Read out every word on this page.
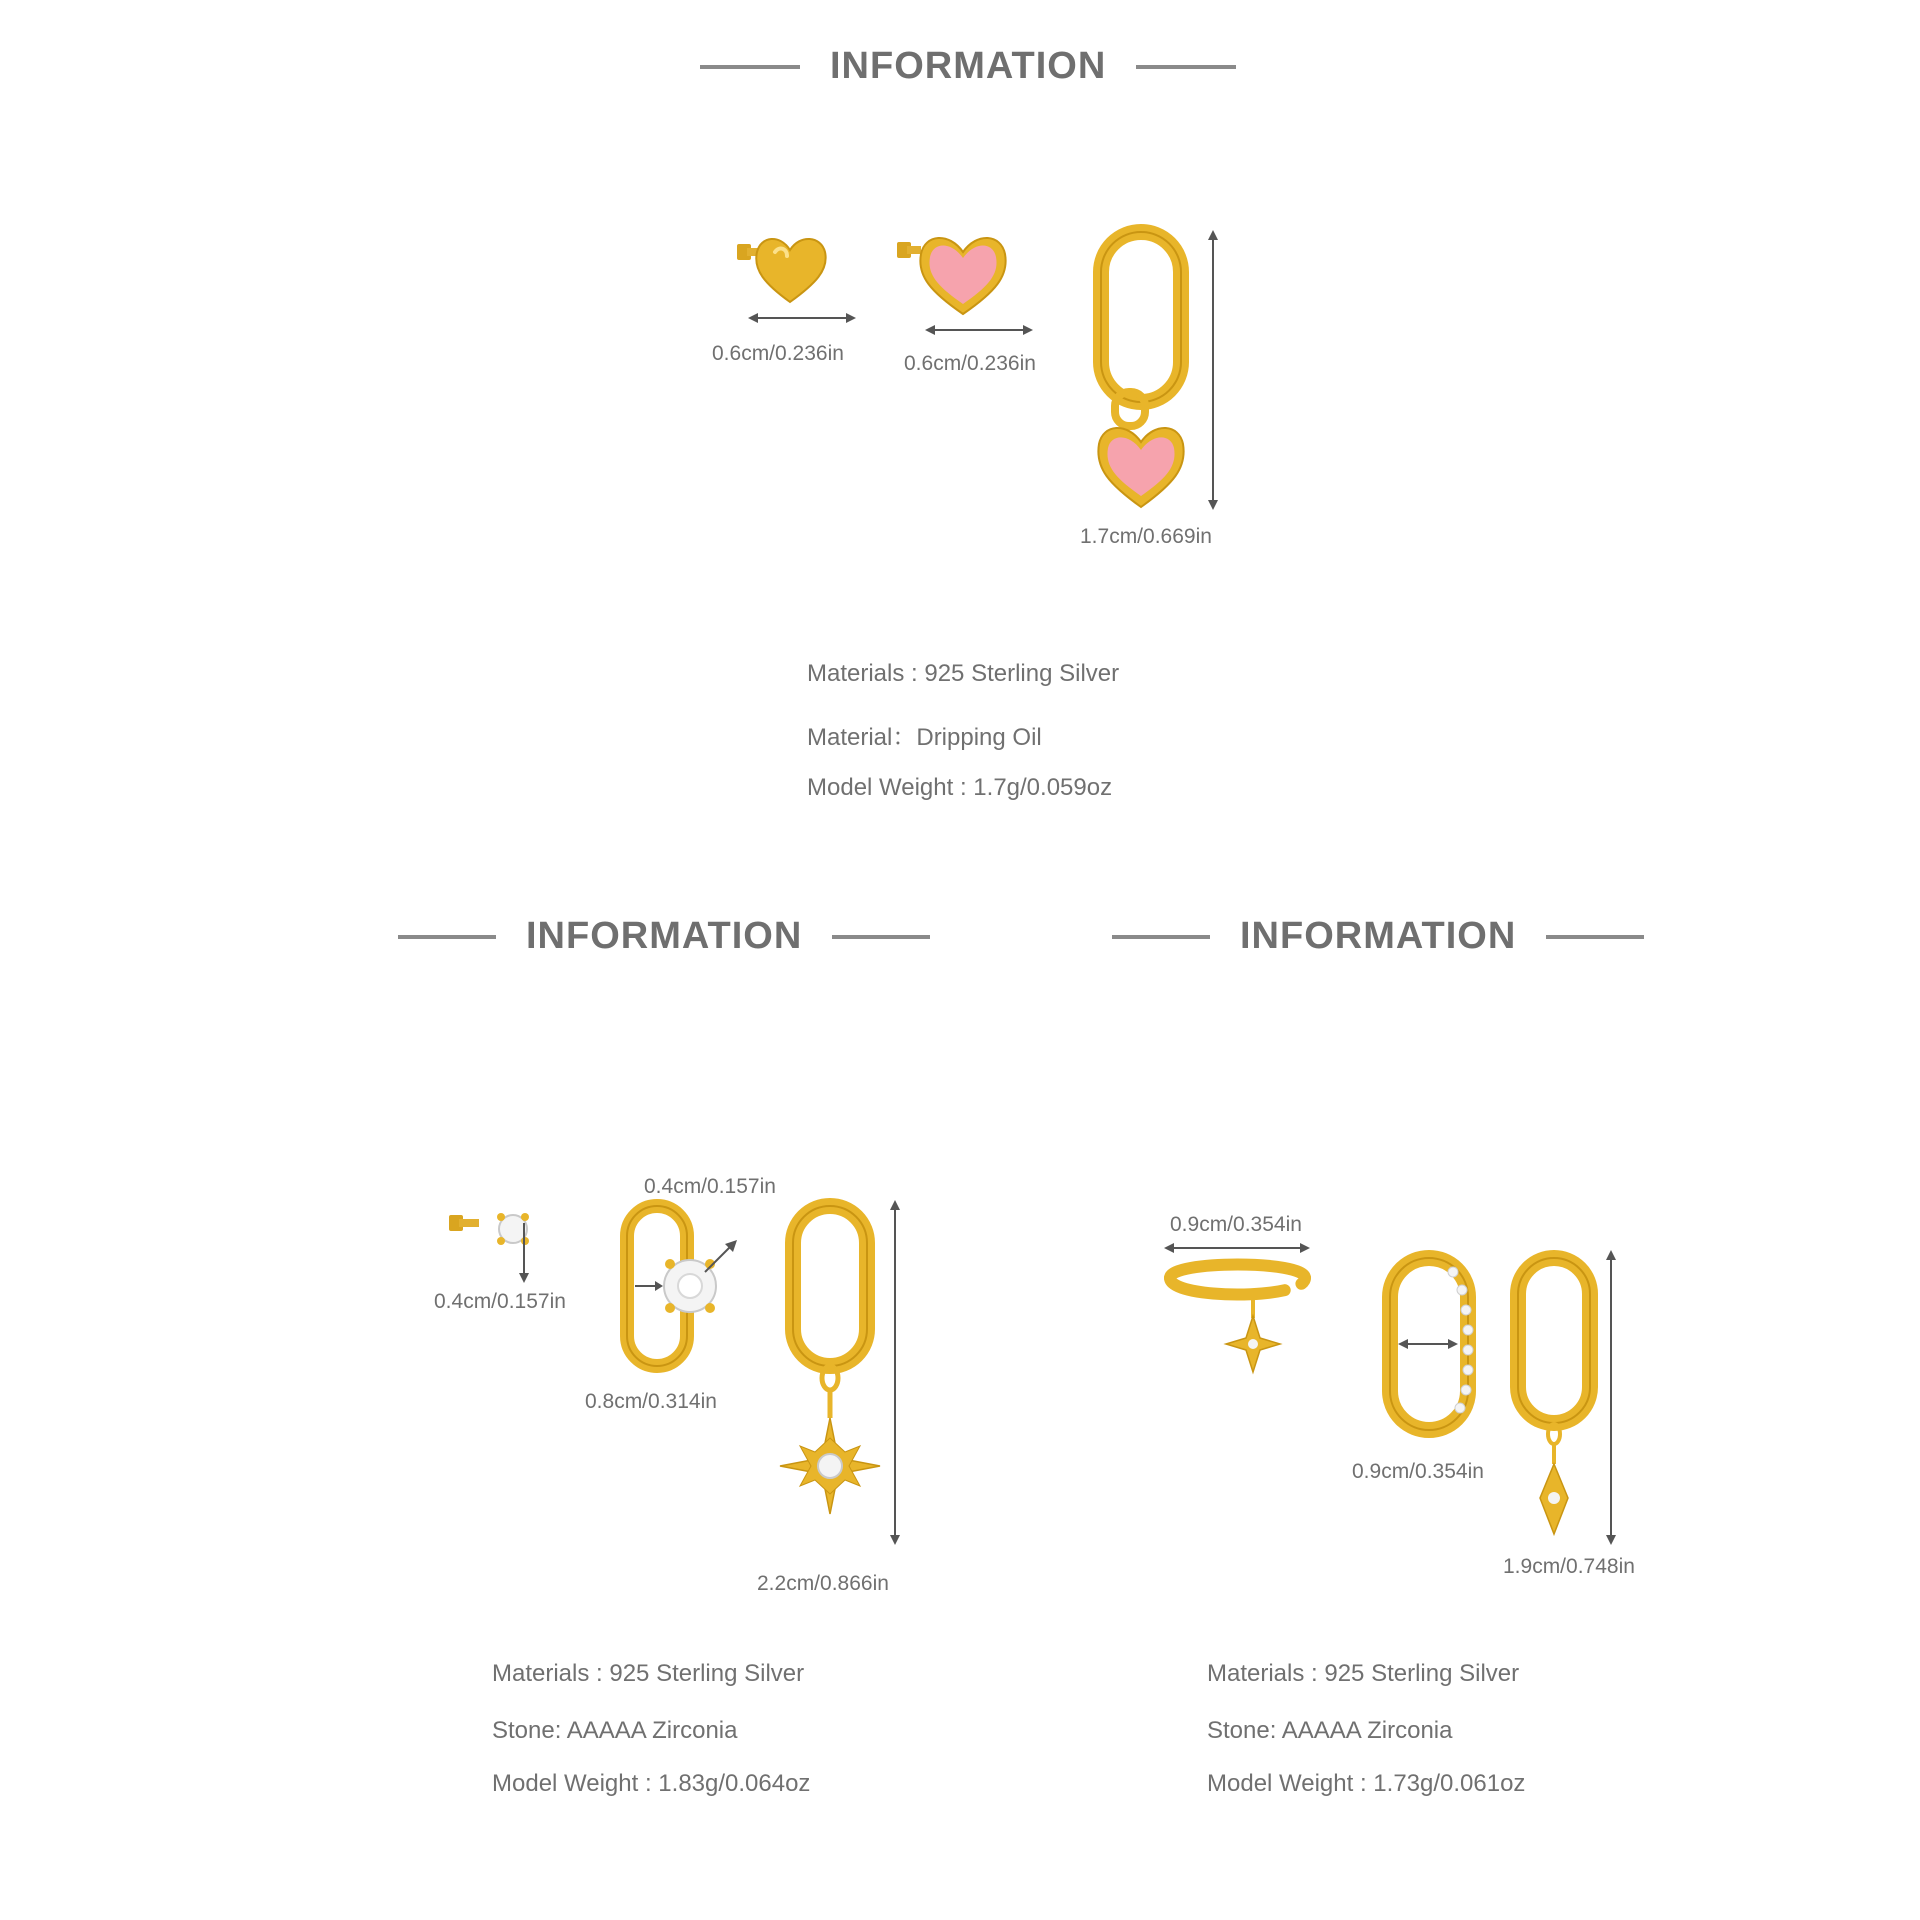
INFORMATION
0.6cm/0.236in	0.6cm/0.236in
1.7cm/0.669in
Materials : 925 Sterling Silver
Material：Dripping Oil
Model Weight : 1.7g/0.059oz
INFORMATION
0.4cm/0.157in
0.4cm/0.157in
0.8cm/0.314in
2.2cm/0.866in
Materials : 925 Sterling Silver
Stone: AAAAA Zirconia
Model Weight : 1.83g/0.064oz
INFORMATION
0.9cm/0.354in
0.9cm/0.354in
1.9cm/0.748in
Materials : 925 Sterling Silver
Stone: AAAAA Zirconia
Model Weight : 1.73g/0.061oz
